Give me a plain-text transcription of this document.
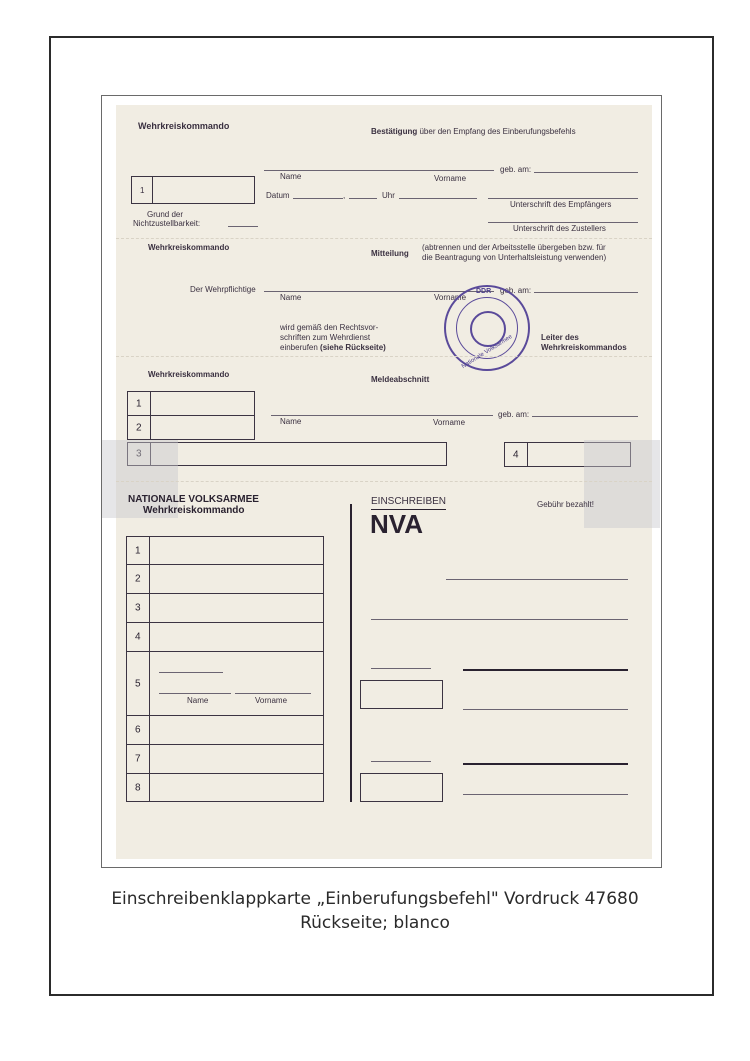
Wehrkreiskommando
Bestätigung über den Empfang des Einberufungsbefehls
Name	Vorname
geb. am:
1
Datum	,	Uhr
Unterschrift des Empfängers
Grund der
Nichtzustellbarkeit:
Unterschrift des Zustellers
Wehrkreiskommando
Mitteilung
(abtrennen und der Arbeitsstelle übergeben bzw. für
die Beantragung von Unterhaltsleistung verwenden)
Der Wehrpflichtige
Name	Vorname
geb. am:
wird gemäß den Rechtsvor-
schriften zum Wehrdienst
einberufen (siehe Rückseite)
DDR
Nationale Volksarmee	Leiter des
Wehrkreiskommandos
Wehrkreiskommando
Meldeabschnitt
1
2
3	4
Name	Vorname
geb. am:
NATIONALE VOLKSARMEE
Wehrkreiskommando
EINSCHREIBEN
NVA
Gebühr bezahlt!
1
2
3
4
5
Name	Vorname
6
7
8
Einschreibenklappkarte „Einberufungsbefehl" Vordruck 47680
Rückseite; blanco
